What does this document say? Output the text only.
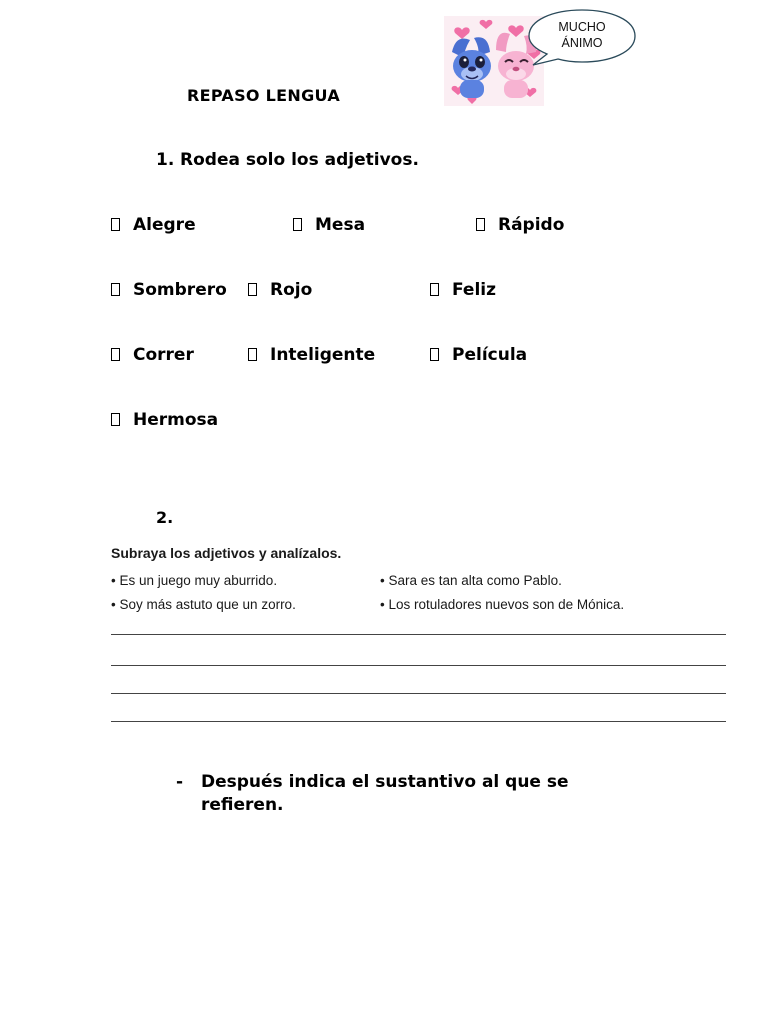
REPASO LENGUA
MUCHO
ÁNIMO
1. Rodea solo los adjetivos.
Alegre	Mesa	Rápido
Sombrero	Rojo	Feliz
Correr	Inteligente	Película
Hermosa
2.
Subraya los adjetivos y analízalos.
• Es un juego muy aburrido.	• Sara es tan alta como Pablo.
• Soy más astuto que un zorro.	• Los rotuladores nuevos son de Mónica.
- Después indica el sustantivo al que se refieren.
